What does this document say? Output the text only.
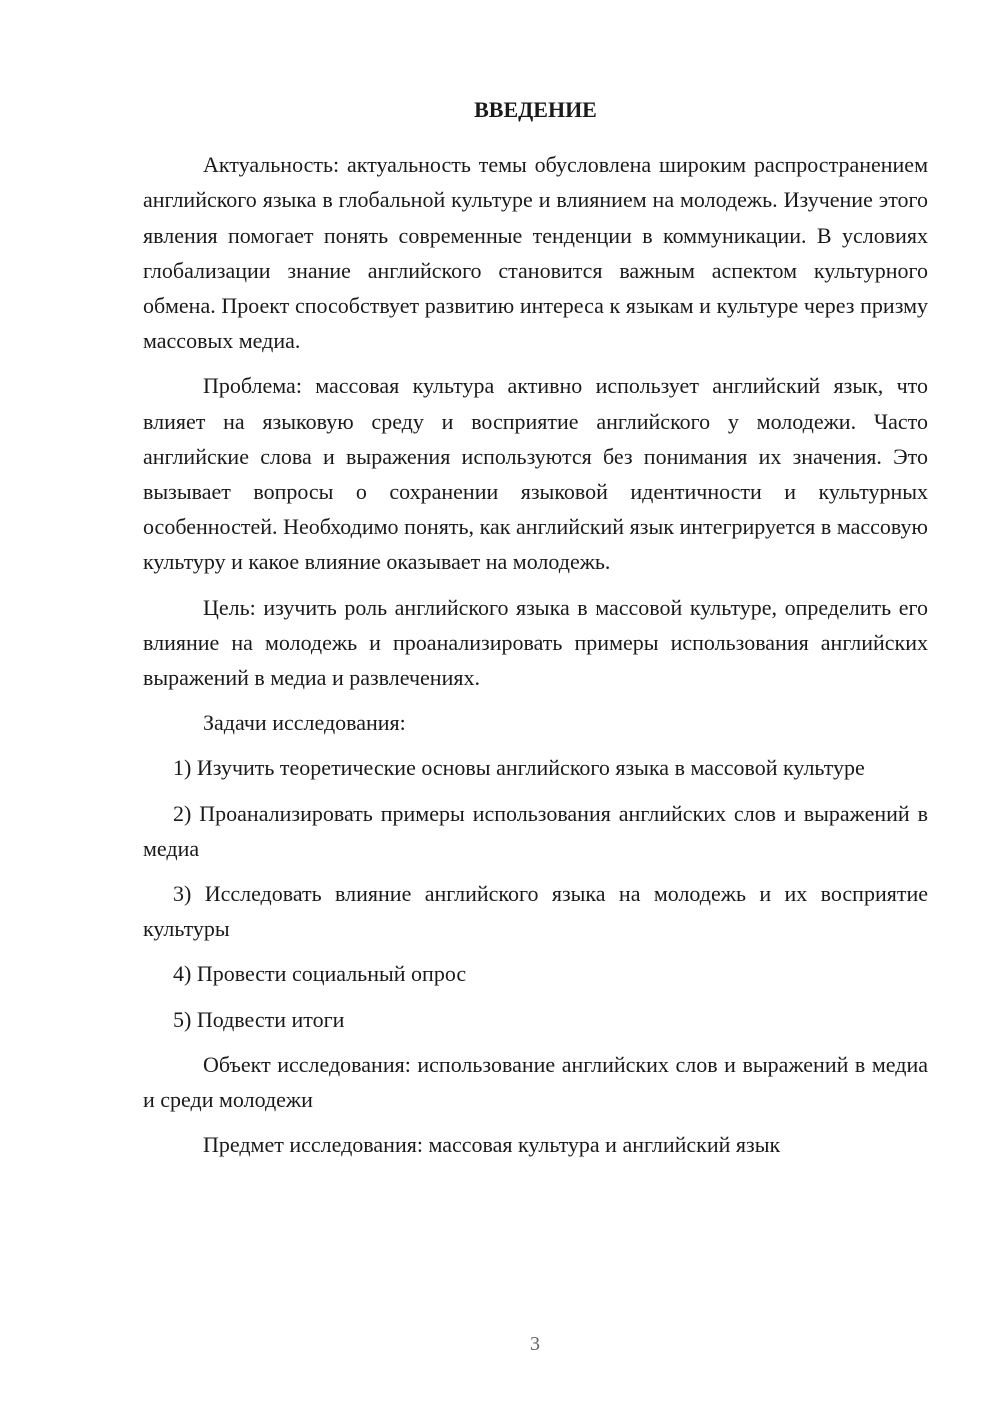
ВВЕДЕНИЕ

Актуальность: актуальность темы обусловлена широким распространением английского языка в глобальной культуре и влиянием на молодежь. Изучение этого явления помогает понять современные тенденции в коммуникации. В условиях глобализации знание английского становится важным аспектом культурного обмена. Проект способствует развитию интереса к языкам и культуре через призму массовых медиа.

Проблема: массовая культура активно использует английский язык, что влияет на языковую среду и восприятие английского у молодежи. Часто английские слова и выражения используются без понимания их значения. Это вызывает вопросы о сохранении языковой идентичности и культурных особенностей. Необходимо понять, как английский язык интегрируется в массовую культуру и какое влияние оказывает на молодежь.

Цель: изучить роль английского языка в массовой культуре, определить его влияние на молодежь и проанализировать примеры использования английских выражений в медиа и развлечениях.

Задачи исследования:

1) Изучить теоретические основы английского языка в массовой культуре

2) Проанализировать примеры использования английских слов и выражений в медиа

3) Исследовать влияние английского языка на молодежь и их восприятие культуры

4) Провести социальный опрос

5) Подвести итоги

Объект исследования: использование английских слов и выражений в медиа и среди молодежи

Предмет исследования: массовая культура и английский язык

3
